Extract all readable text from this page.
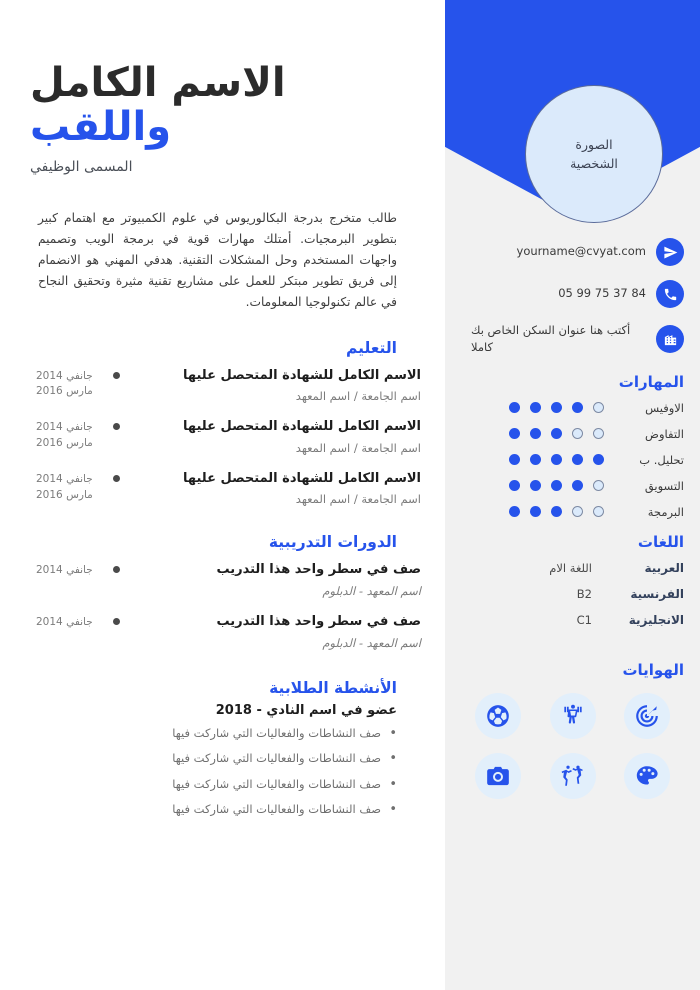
الصورة
الشخصية
الاسم الكامل
واللقب
المسمى الوظيفي
طالب متخرج بدرجة البكالوريوس في علوم الكمبيوتر مع اهتمام كبير بتطوير البرمجيات. أمتلك مهارات قوية في برمجة الويب وتصميم واجهات المستخدم وحل المشكلات التقنية. هدفي المهني هو الانضمام إلى فريق تطوير مبتكر للعمل على مشاريع تقنية مثيرة وتحقيق النجاح في عالم تكنولوجيا المعلومات.
التعليم
الاسم الكامل للشهادة المتحصل عليها
اسم الجامعة / اسم المعهد
جانفي 2014
مارس 2016
الاسم الكامل للشهادة المتحصل عليها
اسم الجامعة / اسم المعهد
جانفي 2014
مارس 2016
الاسم الكامل للشهادة المتحصل عليها
اسم الجامعة / اسم المعهد
جانفي 2014
مارس 2016
الدورات التدريبية
صف في سطر واحد هذا التدريب
اسم المعهد - الدبلوم
جانفي 2014
صف في سطر واحد هذا التدريب
اسم المعهد - الدبلوم
جانفي 2014
الأنشطة الطلابية
عضو في اسم النادي - 2018
• صف النشاطات والفعاليات التي شاركت فيها
• صف النشاطات والفعاليات التي شاركت فيها
• صف النشاطات والفعاليات التي شاركت فيها
• صف النشاطات والفعاليات التي شاركت فيها
yourname@cvyat.com
05 99 75 37 84
أكتب هنا عنوان السكن الخاص بك كاملا
المهارات
الاوفيس
التفاوض
تحليل. ب
التسويق
البرمجة
اللغات
العربية
اللغة الام
الفرنسية
B2
الانجليزية
C1
الهوايات
